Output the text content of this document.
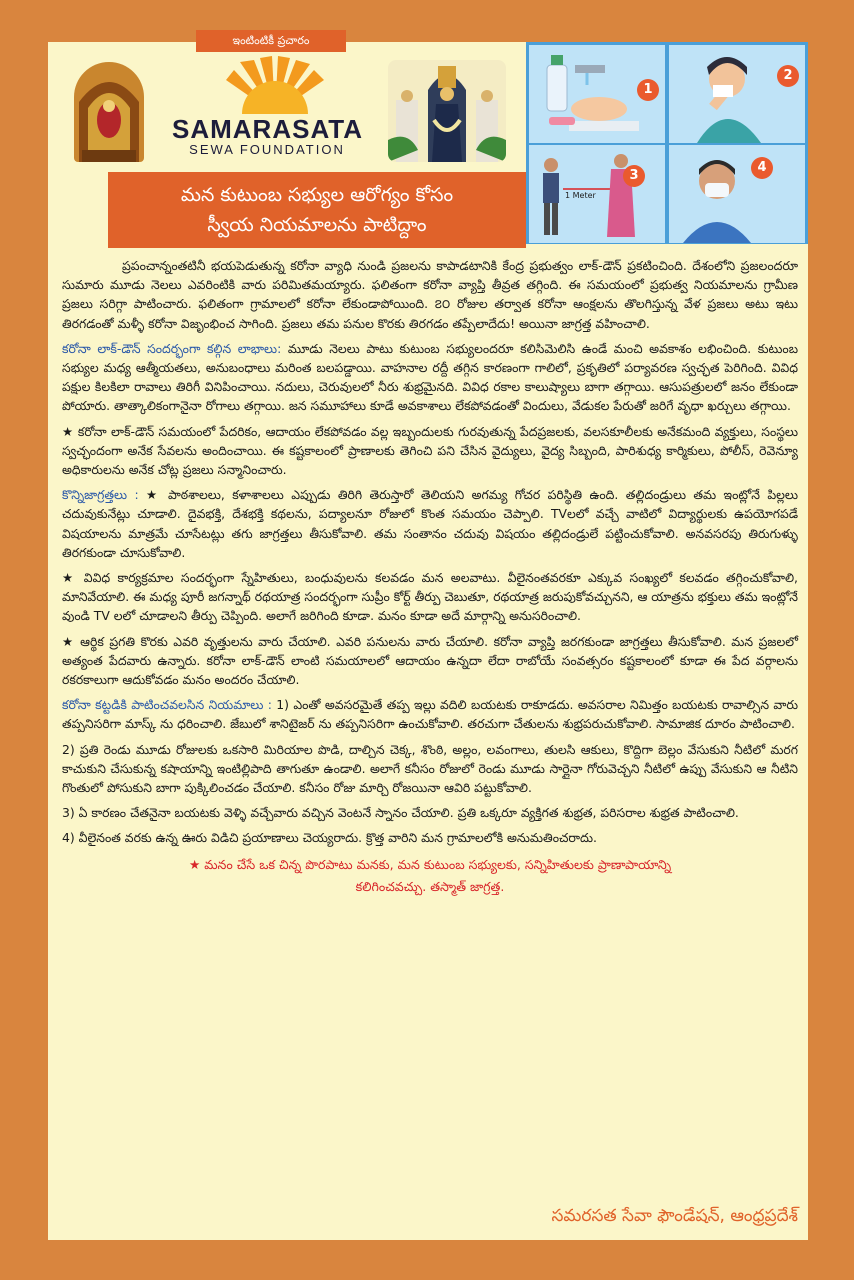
SAMARASATA
SEWA FOUNDATION
మన కుటుంబ సభ్యుల ఆరోగ్యం కోసం
స్వీయ నియమాలను పాటిద్దాం
1
2
1 Meter
3
4

ప్రపంచాన్నంతటినీ భయపెడుతున్న కరోనా వ్యాధి నుండి ప్రజలను కాపాడటానికి కేంద్ర ప్రభుత్వం లాక్-డౌన్ ప్రకటించింది. దేశంలోని ప్రజలందరూ సుమారు మూడు నెలలు ఎవరింటికి వారు పరిమితమయ్యారు. ఫలితంగా కరోనా వ్యాప్తి తీవ్రత తగ్గింది. ఈ సమయంలో ప్రభుత్వ నియమాలను గ్రామీణ ప్రజలు సరిగ్గా పాటించారు. ఫలితంగా గ్రామాలలో కరోనా లేకుండాపోయింది. ౭౦ రోజుల తర్వాత కరోనా ఆంక్షలను తొలగిస్తున్న వేళ ప్రజలు అటు ఇటు తిరగడంతో మళ్ళీ కరోనా విజృంభించ సాగింది. ప్రజలు తమ పనుల కొరకు తిరగడం తప్పేలాదేదు! అయినా జాగ్రత్త వహించాలి.

కరోనా లాక్-డౌన్ సందర్భంగా కల్గిన లాభాలు: మూడు నెలలు పాటు కుటుంబ సభ్యులందరూ కలిసిమెలిసి ఉండే మంచి అవకాశం లభించింది. కుటుంబ సభ్యుల మధ్య ఆత్మీయతలు, అనుబంధాలు మరింత బలపడ్డాయి. వాహనాల రద్దీ తగ్గిన కారణంగా గాలిలో, ప్రకృతిలో పర్యావరణ స్వచ్ఛత పెరిగింది. వివిధ పక్షుల కిలకిలా రావాలు తిరిగీ వినిపించాయి. నదులు, చెరువులలో నీరు శుభ్రమైనది. వివిధ రకాల కాలుష్యాలు బాగా తగ్గాయి. ఆసుపత్రులలో జనం లేకుండా పోయారు. తాత్కాలికంగానైనా రోగాలు తగ్గాయి. జన సమూహాలు కూడే అవకాశాలు లేకపోవడంతో విందులు, వేడుకల పేరుతో జరిగే వృధా ఖర్చులు తగ్గాయి.

★ కరోనా లాక్-డౌన్ సమయంలో పేదరికం, ఆదాయం లేకపోవడం వల్ల ఇబ్బందులకు గురవుతున్న పేదప్రజలకు, వలసకూలీలకు అనేకమంది వ్యక్తులు, సంస్థలు స్వచ్ఛందంగా అనేక సేవలను అందించాయి. ఈ కష్టకాలంలో ప్రాణాలకు తెగించి పని చేసిన వైద్యులు, వైద్య సిబ్బంది, పారిశుధ్య కార్మికులు, పోలీస్, రెవెన్యూ అధికారులను అనేక చోట్ల ప్రజలు సన్మానించారు.

కొన్నిజాగ్రత్తలు : ★ పాఠశాలలు, కళాశాలలు ఎప్పుడు తిరిగి తెరుస్తారో తెలియని అగమ్య గోచర పరిస్థితి ఉంది. తల్లిదండ్రులు తమ ఇంట్లోనే పిల్లలు చదువుకునేట్లు చూడాలి. దైవభక్తి, దేశభక్తి కథలను, పద్యాలనూ రోజులో కొంత సమయం చెప్పాలి. TVలలో వచ్చే వాటిలో విద్యార్థులకు ఉపయోగపడే విషయాలను మాత్రమే చూసేటట్లు తగు జాగ్రత్తలు తీసుకోవాలి. తమ సంతానం చదువు విషయం తల్లిదండ్రులే పట్టించుకోవాలి. అనవసరపు తిరుగుళ్ళు తిరగకుండా చూసుకోవాలి.

★ వివిధ కార్యక్రమాల సందర్భంగా స్నేహితులు, బంధువులను కలవడం మన అలవాటు. వీలైనంతవరకూ ఎక్కువ సంఖ్యలో కలవడం తగ్గించుకోవాలి, మానివేయాలి. ఈ మధ్య పూరీ జగన్నాథ్ రథయాత్ర సందర్భంగా సుప్రీం కోర్ట్ తీర్పు చెబుతూ, రథయాత్ర జరుపుకోవచ్చునని, ఆ యాత్రను భక్తులు తమ ఇంట్లోనే వుండి TV లలో చూడాలని తీర్పు చెప్పింది. అలాగే జరిగింది కూడా. మనం కూడా అదే మార్గాన్ని అనుసరించాలి.

★ ఆర్థిక ప్రగతి కొరకు ఎవరి వృత్తులను వారు చేయాలి. ఎవరి పనులను వారు చేయాలి. కరోనా వ్యాప్తి జరగకుండా జాగ్రత్తలు తీసుకోవాలి. మన ప్రజలలో అత్యంత పేదవారు ఉన్నారు. కరోనా లాక్-డౌన్ లాంటి సమయాలలో ఆదాయం ఉన్నదా లేదా రాబోయే సంవత్సరం కష్టకాలంలో కూడా ఈ పేద వర్గాలను రకరకాలుగా ఆదుకోవడం మనం అందరం చేయాలి.

కరోనా కట్టడికి పాటించవలసిన నియమాలు : 1) ఎంతో అవసరమైతే తప్ప ఇల్లు వదిలి బయటకు రాకూడదు. అవసరాల నిమిత్తం బయటకు రావాల్సిన వారు తప్పనిసరిగా మాస్క్ ను ధరించాలి. జేబులో శానిటైజర్ ను తప్పనిసరిగా ఉంచుకోవాలి. తరచుగా చేతులను శుభ్రపరుచుకోవాలి. సామాజిక దూరం పాటించాలి.

2) ప్రతి రెండు మూడు రోజులకు ఒకసారి మిరియాల పొడి, దాల్చిన చెక్క, శొంఠి, అల్లం, లవంగాలు, తులసి ఆకులు, కొద్దిగా బెల్లం వేసుకుని నీటిలో మరగ కాచుకుని చేసుకున్న కషాయాన్ని ఇంటిల్లిపాది తాగుతూ ఉండాలి. అలాగే కనీసం రోజులో రెండు మూడు సార్లైనా గోరువెచ్చని నీటిలో ఉప్పు వేసుకుని ఆ నీటిని గొంతులో పోసుకుని బాగా పుక్కిలించడం చేయాలి. కనీసం రోజు మార్చి రోజయినా ఆవిరి పట్టుకోవాలి.

3) ఏ కారణం చేతనైనా బయటకు వెళ్ళి వచ్చేవారు వచ్చిన వెంటనే స్నానం చేయాలి. ప్రతి ఒక్కరూ వ్యక్తిగత శుభ్రత, పరిసరాల శుభ్రత పాటించాలి.

4) వీలైనంత వరకు ఉన్న ఊరు విడిచి ప్రయాణాలు చెయ్యరాదు. క్రొత్త వారిని మన గ్రామాలలోకి అనుమతించరాదు.

★ మనం చేసే ఒక చిన్న పొరపాటు మనకు, మన కుటుంబ సభ్యులకు, సన్నిహితులకు ప్రాణాపాయాన్ని
కలిగించవచ్చు. తస్మాత్ జాగ్రత్త.

సమరసత సేవా ఫౌండేషన్, ఆంధ్రప్రదేశ్
ఇంటింటికీ ప్రచారం
